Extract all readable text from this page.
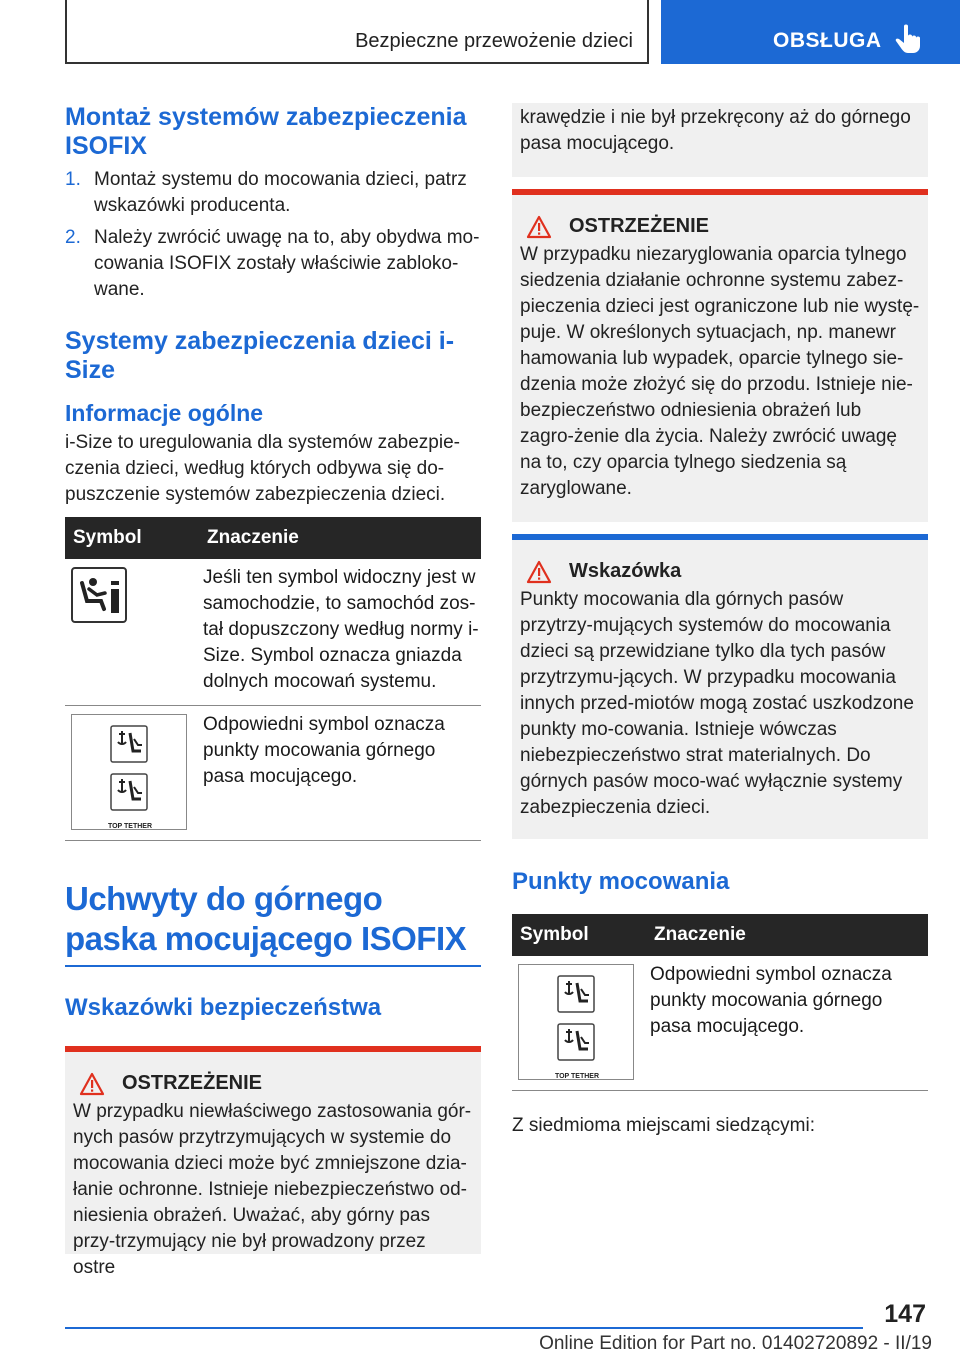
Bezpieczne przewożenie dzieci	OBSŁUGA
Montaż systemów zabezpieczenia ISOFIX
1. Montaż systemu do mocowania dzieci, patrz wskazówki producenta.
2. Należy zwrócić uwagę na to, aby obydwa mo-cowania ISOFIX zostały właściwie zabloko-wane.
Systemy zabezpieczenia dzieci i-Size
Informacje ogólne

i-Size to uregulowania dla systemów zabezpie-czenia dzieci, według których odbywa się do-puszczenie systemów zabezpieczenia dzieci.

Symbol	Znaczenie
	Jeśli ten symbol widoczny jest w samochodzie, to samochód zos-tał dopuszczony według normy i-Size. Symbol oznacza gniazda dolnych mocowań systemu.

TOP TETHER	Odpowiedni symbol oznacza punkty mocowania górnego pasa mocującego.
Uchwyty do górnego paska mocującego ISOFIX
Wskazówki bezpieczeństwa
OSTRZEŻENIE

W przypadku niewłaściwego zastosowania gór-nych pasów przytrzymujących w systemie do mocowania dzieci może być zmniejszone dzia-łanie ochronne. Istnieje niebezpieczeństwo od-niesienia obrażeń. Uważać, aby górny pas przy-trzymujący nie był prowadzony przez ostre

krawędzie i nie był przekręcony aż do górnego pasa mocującego.

OSTRZEŻENIE

W przypadku niezaryglowania oparcia tylnego siedzenia działanie ochronne systemu zabez-pieczenia dzieci jest ograniczone lub nie wystę-puje. W określonych sytuacjach, np. manewr hamowania lub wypadek, oparcie tylnego sie-dzenia może złożyć się do przodu. Istnieje nie-bezpieczeństwo odniesienia obrażeń lub zagro-żenie dla życia. Należy zwrócić uwagę na to, czy oparcia tylnego siedzenia są zaryglowane.

Wskazówka

Punkty mocowania dla górnych pasów przytrzy-mujących systemów do mocowania dzieci są przewidziane tylko dla tych pasów przytrzymu-jących. W przypadku mocowania innych przed-miotów mogą zostać uszkodzone punkty mo-cowania. Istnieje wówczas niebezpieczeństwo strat materialnych. Do górnych pasów moco-wać wyłącznie systemy zabezpieczenia dzieci.

Punkty mocowania
Symbol	Znaczenie

TOP TETHER	Odpowiedni symbol oznacza punkty mocowania górnego pasa mocującego.

Z siedmioma miejscami siedzącymi:

147
Online Edition for Part no. 01402720892 - II/19
